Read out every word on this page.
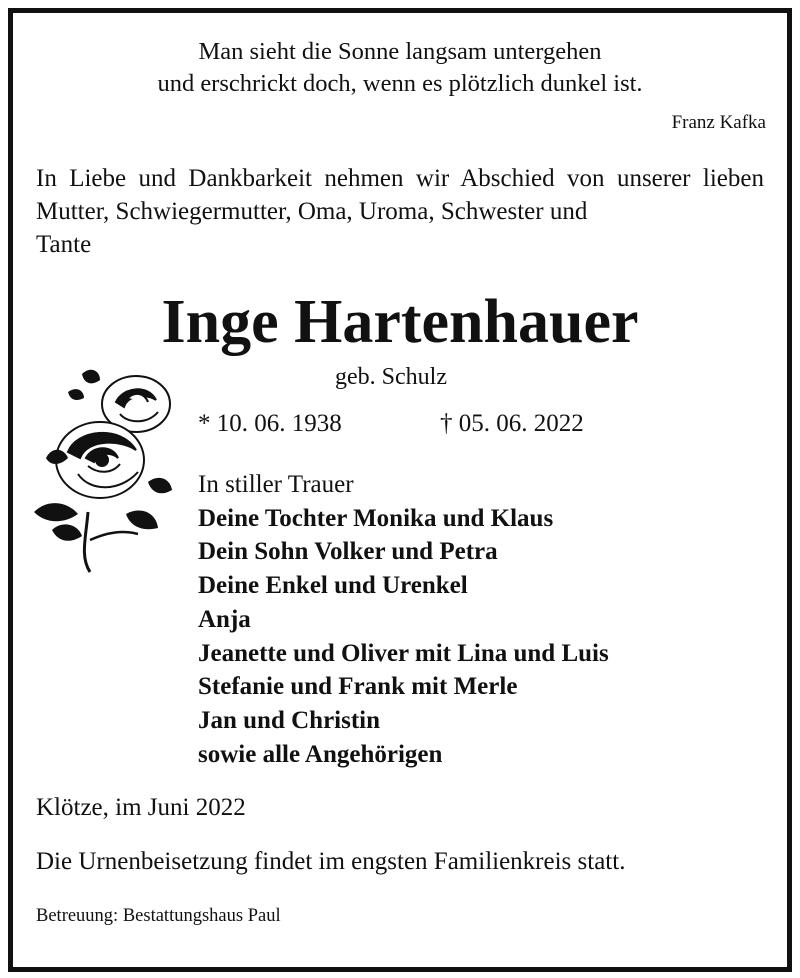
Man sieht die Sonne langsam untergehen
und erschrickt doch, wenn es plötzlich dunkel ist.
Franz Kafka
In Liebe und Dankbarkeit nehmen wir Abschied von unserer lieben Mutter, Schwiegermutter, Oma, Uroma, Schwester und
Tante
Inge Hartenhauer
geb. Schulz
* 10. 06. 1938	† 05. 06. 2022
In stiller Trauer
Deine Tochter Monika und Klaus
Dein Sohn Volker und Petra
Deine Enkel und Urenkel
Anja
Jeanette und Oliver mit Lina und Luis
Stefanie und Frank mit Merle
Jan und Christin
sowie alle Angehörigen
Klötze, im Juni 2022
Die Urnenbeisetzung findet im engsten Familienkreis statt.
Betreuung: Bestattungshaus Paul
